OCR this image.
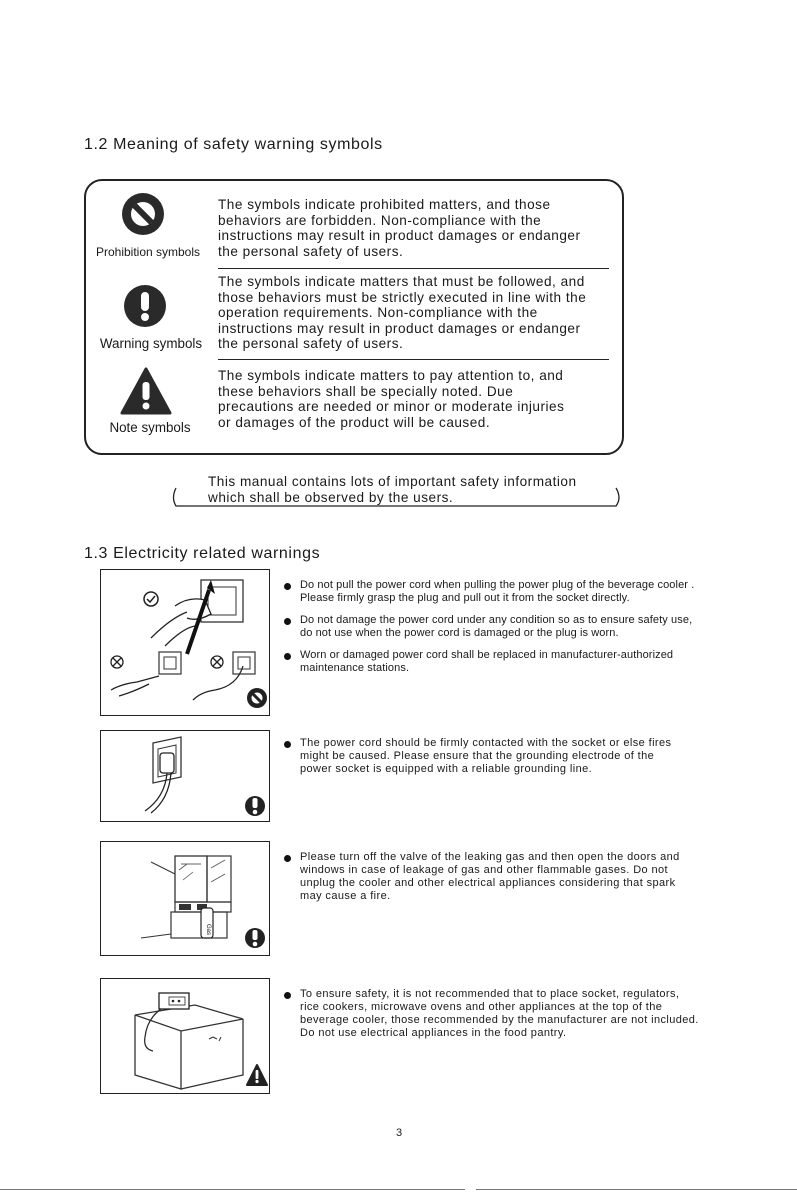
1.2 Meaning of safety warning symbols
Prohibition symbols
The symbols indicate prohibited matters, and those
behaviors are forbidden. Non-compliance with the
instructions may result in product damages or endanger
the personal safety of users.
Warning symbols
The symbols indicate matters that must be followed, and
those behaviors must be strictly executed in line with the
operation requirements. Non-compliance with the
instructions may result in product damages or endanger
the personal safety of users.
Note symbols
The symbols indicate matters to pay attention to, and
these behaviors shall be specially noted. Due
precautions are needed or minor or moderate injuries
or damages of the product will be caused.
This manual contains lots of important safety information
which shall be observed by the users.
1.3 Electricity related warnings
Do not pull the power cord when pulling the power plug of the beverage cooler .
Please firmly grasp the plug and pull out it from the socket directly.
Do not damage the power cord under any condition so as to ensure safety use,
do not use when the power cord is damaged or the plug is worn.
Worn or damaged power cord shall be replaced in manufacturer-authorized
maintenance stations.
The power cord should be firmly contacted with the socket or else fires
might be caused. Please ensure that the grounding electrode of the
power socket is equipped with a reliable grounding line.
Gas
Please turn off the valve of the leaking gas and then open the doors and
windows in case of leakage of gas and other flammable gases. Do not
unplug the cooler and other electrical appliances considering that spark
may cause a fire.
To ensure safety, it is not recommended that to place socket, regulators,
rice cookers, microwave ovens and other appliances at the top of the
beverage cooler, those recommended by the manufacturer are not included.
Do not use electrical appliances in the food pantry.
3
